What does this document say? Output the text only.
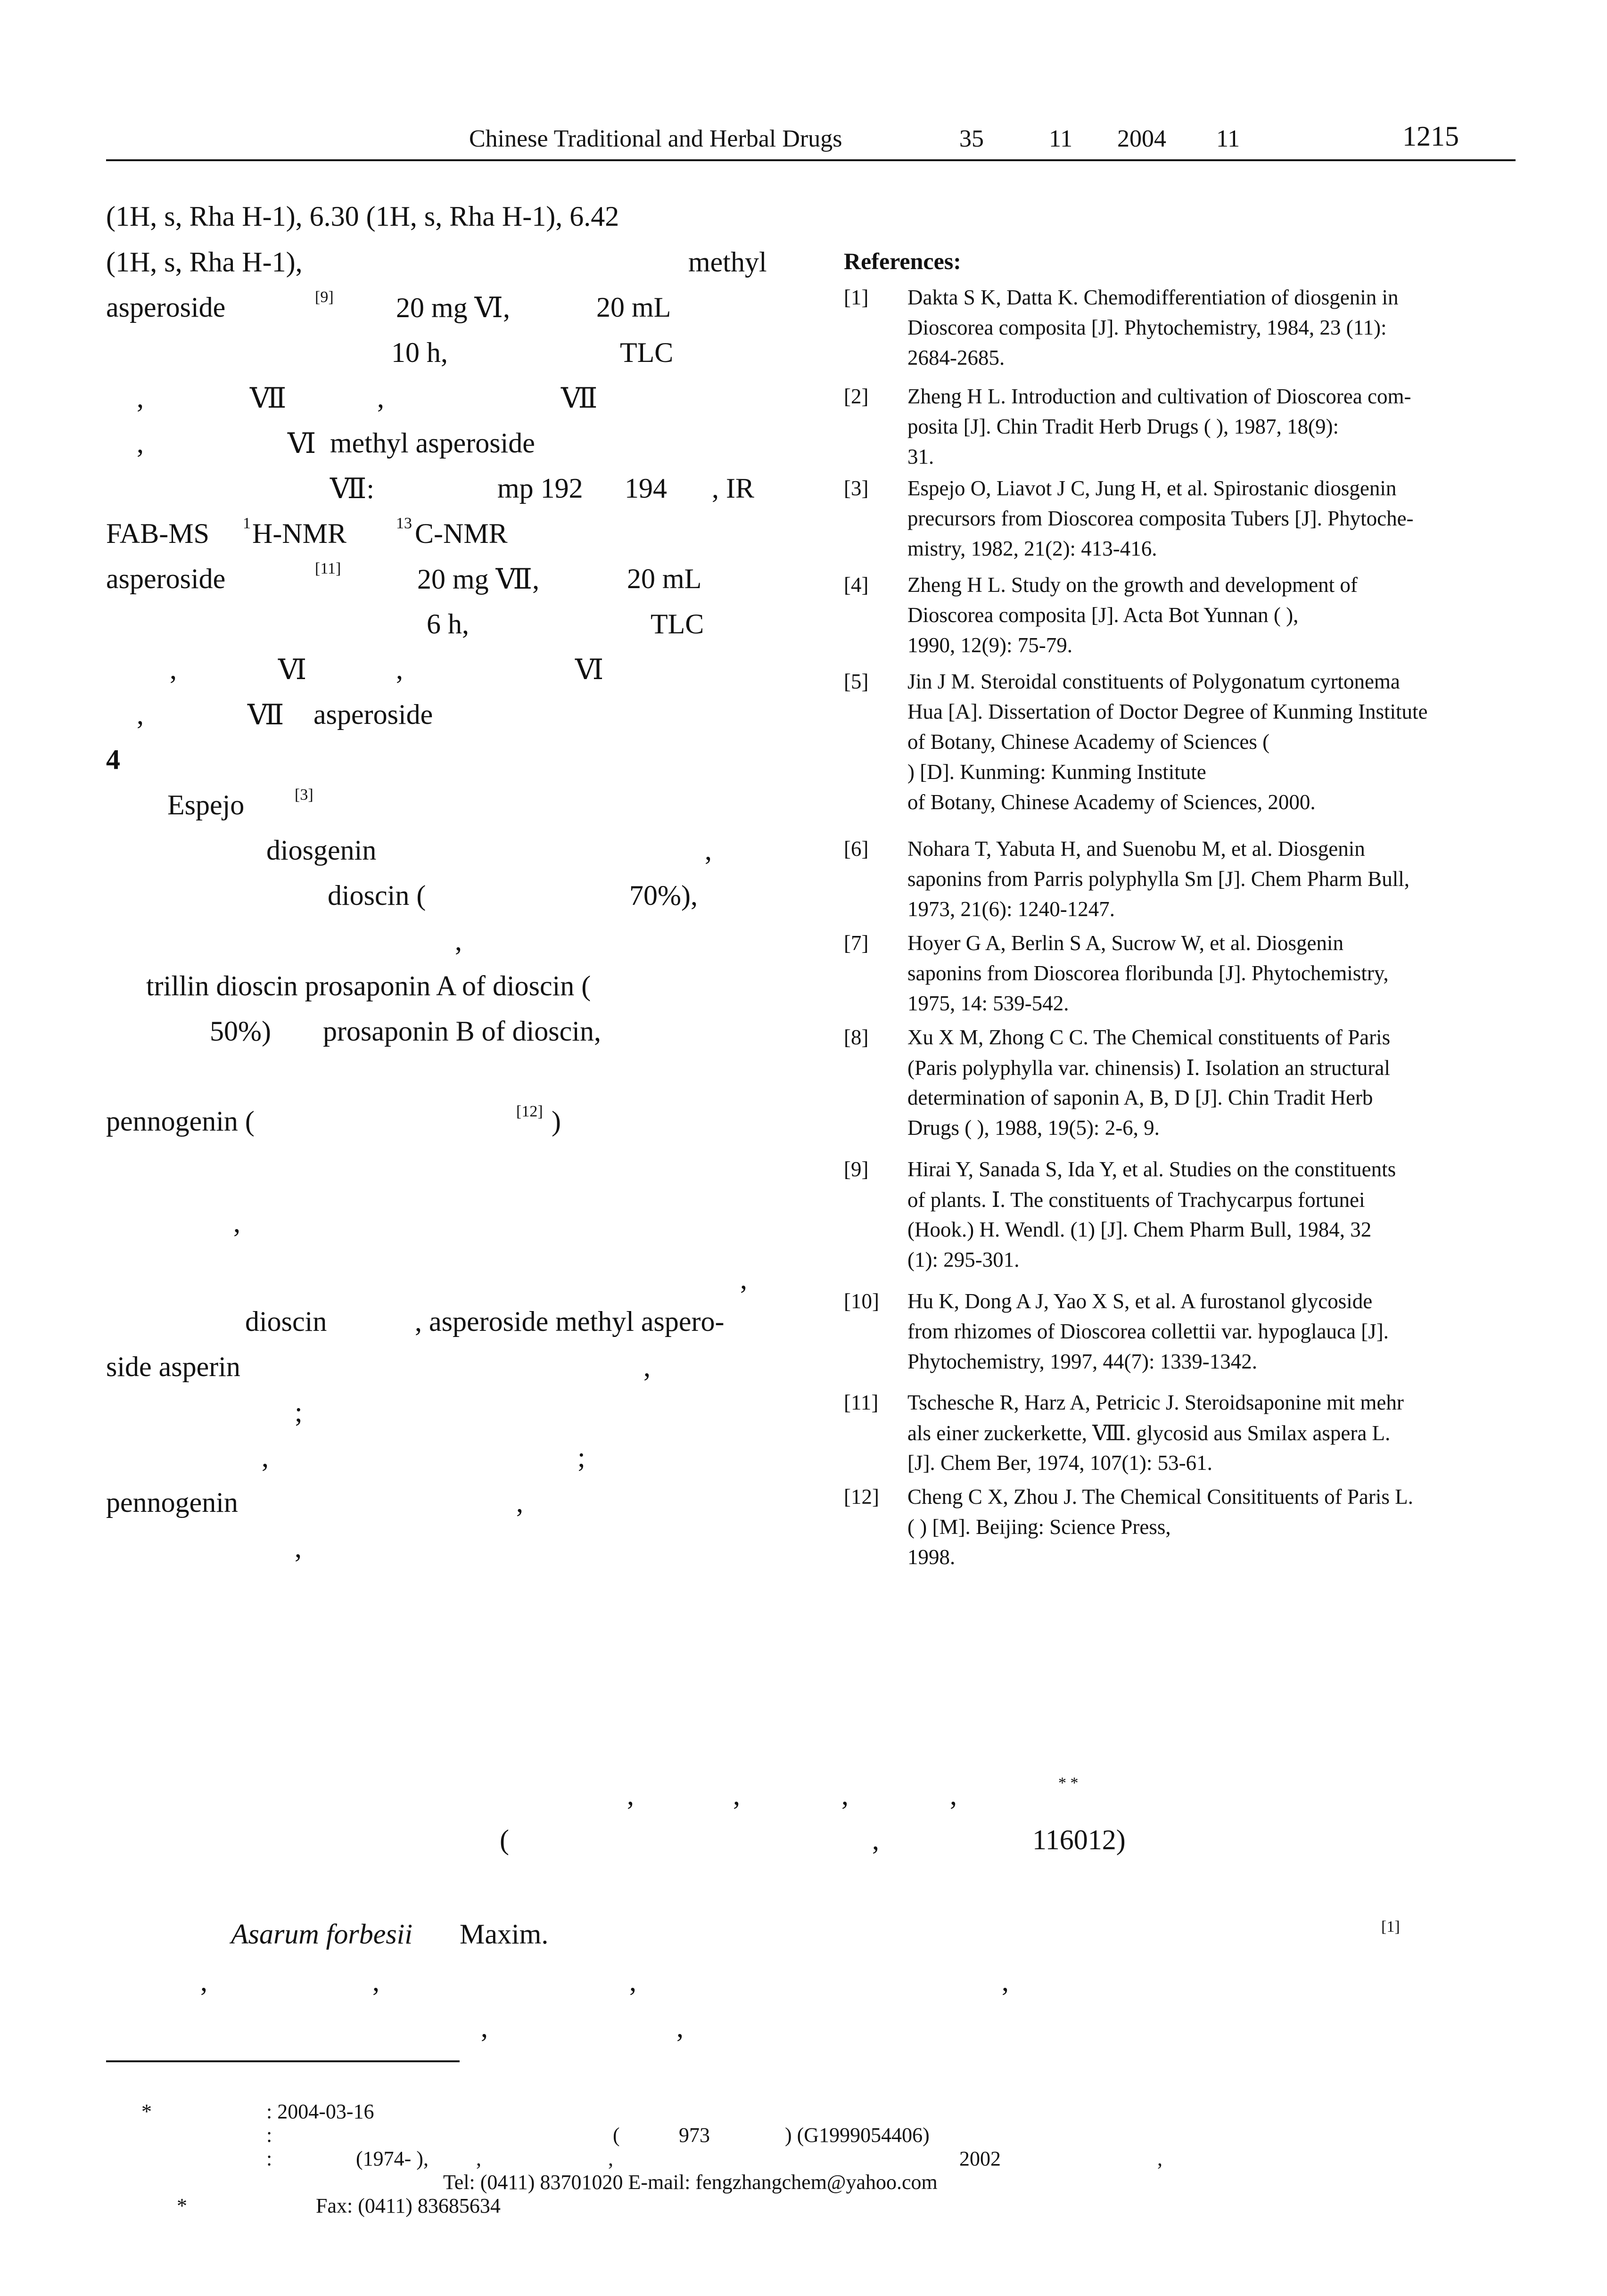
Chinese Traditional and Herbal Drugs	35	11 2004 11	1215
(1H, s, Rha H-1), 6.30 (1H, s, Rha H-1), 6.42
(1H, s, Rha H-1),	methyl
asperoside	[9] 20 mg Ⅵ,	20 mL
10 h,	TLC
,	Ⅶ	,	Ⅶ
,	Ⅵ methyl asperoside
Ⅶ:	mp 192 194 , IR
FAB-MS 1 H-NMR	13 C-NMR
asperoside	[11]	20 mg Ⅶ,	20 mL
6 h,	TLC
,	Ⅵ	,	Ⅵ
,	Ⅶ asperoside
4
Espejo	[3]
diosgenin	,
dioscin (	70%),
,
trillin dioscin prosaponin A of dioscin (
50%) prosaponin B of dioscin,
pennogenin (	[12] )
,
,
dioscin	, asperoside methyl aspero-
side asperin	,
;
,	;
pennogenin	,
,
References:
[1] Dakta S K, Datta K. Chemodifferentiation of diosgenin in
Dioscorea composita [J]. Phytochemistry, 1984, 23 (11):
2684-2685.
[2] Zheng H L. Introduction and cultivation of Dioscorea com-
posita [J]. Chin Tradit Herb Drugs ( ), 1987, 18(9):
31.
[3] Espejo O, Liavot J C, Jung H, et al. Spirostanic diosgenin
precursors from Dioscorea composita Tubers [J]. Phytoche-
mistry, 1982, 21(2): 413-416.
[4] Zheng H L. Study on the growth and development of
Dioscorea composita [J]. Acta Bot Yunnan ( ),
1990, 12(9): 75-79.
[5] Jin J M. Steroidal constituents of Polygonatum cyrtonema
Hua [A]. Dissertation of Doctor Degree of Kunming Institute
of Botany, Chinese Academy of Sciences (
) [D]. Kunming: Kunming Institute
of Botany, Chinese Academy of Sciences, 2000.
[6] Nohara T, Yabuta H, and Suenobu M, et al. Diosgenin
saponins from Parris polyphylla Sm [J]. Chem Pharm Bull,
1973, 21(6): 1240-1247.
[7] Hoyer G A, Berlin S A, Sucrow W, et al. Diosgenin
saponins from Dioscorea floribunda [J]. Phytochemistry,
1975, 14: 539-542.
[8] Xu X M, Zhong C C. The Chemical constituents of Paris
(Paris polyphylla var. chinensis) Ⅰ. Isolation an structural
determination of saponin A, B, D [J]. Chin Tradit Herb
Drugs ( ), 1988, 19(5): 2-6, 9.
[9] Hirai Y, Sanada S, Ida Y, et al. Studies on the constituents
of plants. Ⅰ. The constituents of Trachycarpus fortunei
(Hook.) H. Wendl. (1) [J]. Chem Pharm Bull, 1984, 32
(1): 295-301.
[10] Hu K, Dong A J, Yao X S, et al. A furostanol glycoside
from rhizomes of Dioscorea collettii var. hypoglauca [J].
Phytochemistry, 1997, 44(7): 1339-1342.
[11] Tschesche R, Harz A, Petricic J. Steroidsaponine mit mehr
als einer zuckerkette, Ⅷ. glycosid aus Smilax aspera L.
[J]. Chem Ber, 1974, 107(1): 53-61.
[12] Cheng C X, Zhou J. The Chemical Consitituents of Paris L.
( ) [M]. Beijing: Science Press,
1998.
,	,	,	,	* *
(	,	116012)
Asarum forbesii Maxim.	[1]
,	,	,	,
,	,
*	: 2004-03-16
:	(	973	) (G1999054406)
:	(1974- ), ,	,	2002	,
Tel: (0411) 83701020 E-mail: fengzhangchem@yahoo.com
*	Fax: (0411) 83685634
